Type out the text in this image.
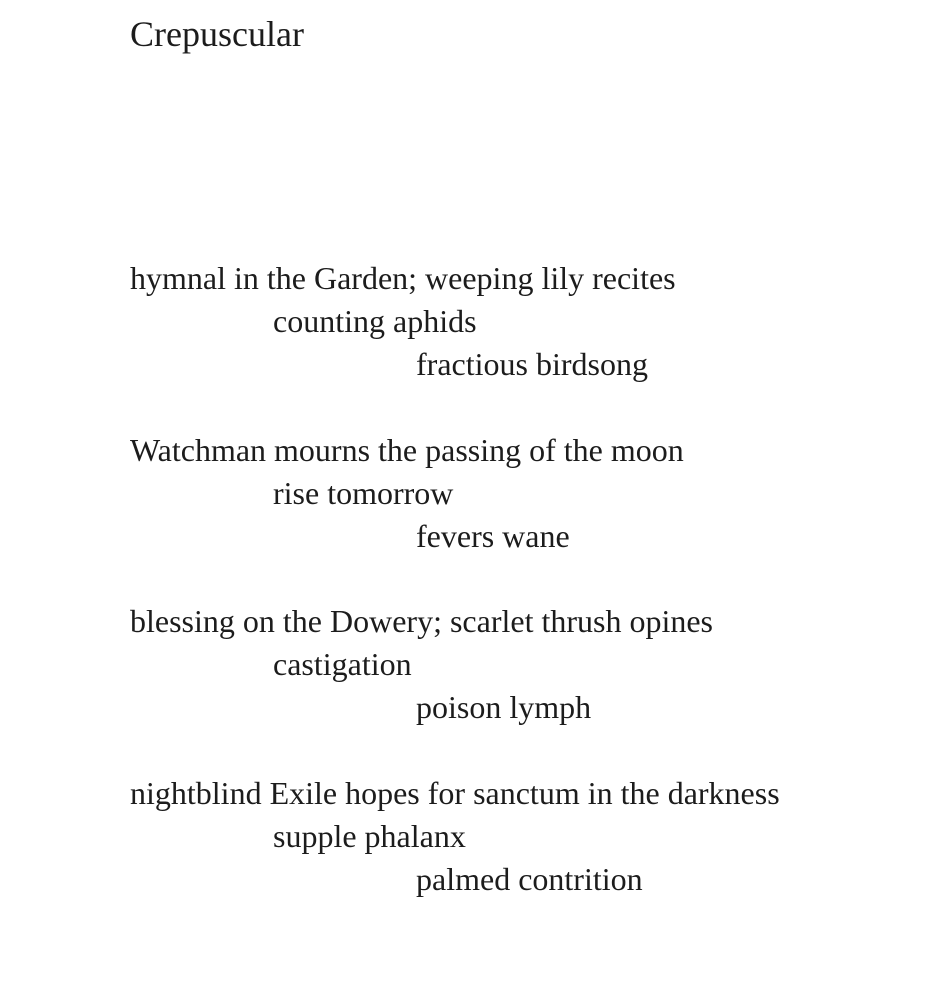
Crepuscular
hymnal in the Garden; weeping lily recites
counting aphids
fractious birdsong
Watchman mourns the passing of the moon
rise tomorrow
fevers wane
blessing on the Dowery; scarlet thrush opines
castigation
poison lymph
nightblind Exile hopes for sanctum in the darkness
supple phalanx
palmed contrition
